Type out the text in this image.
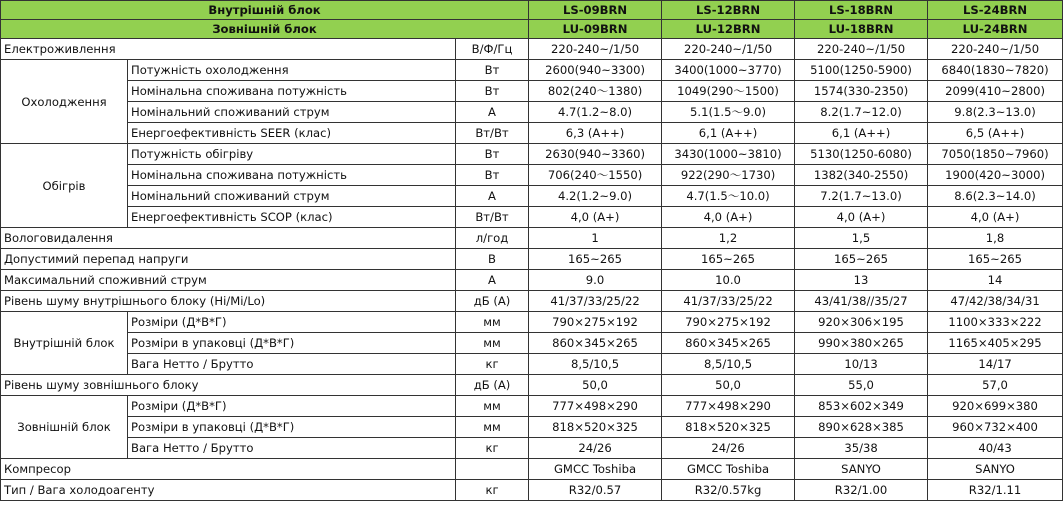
Внутрішній блок			LS-09BRN	LS-12BRN	LS-18BRN	LS-24BRN
Зовнішній блок			LU-09BRN	LU-12BRN	LU-18BRN	LU-24BRN
Електроживлення		В/Ф/Гц	220-240~/1/50	220-240~/1/50	220-240~/1/50	220-240~/1/50
Охолодження	Потужність охолодження	Вт	2600(940~3300)	3400(1000~3770)	5100(1250-5900)	6840(1830~7820)
	Номінальна споживана потужність	Вт	802(240～1380)	1049(290～1500)	1574(330-2350)	2099(410~2800)
	Номінальний споживаний струм	A	4.7(1.2~8.0)	5.1(1.5～9.0)	8.2(1.7~12.0)	9.8(2.3~13.0)
	Енергоефективність SEER (клас)	Вт/Вт	6,3 (A++)	6,1 (A++)	6,1 (A++)	6,5 (A++)
Обігрів	Потужність обігріву	Вт	2630(940~3360)	3430(1000~3810)	5130(1250-6080)	7050(1850~7960)
	Номінальна споживана потужність	Вт	706(240～1550)	922(290～1730)	1382(340-2550)	1900(420~3000)
	Номінальний споживаний струм	A	4.2(1.2~9.0)	4.7(1.5～10.0)	7.2(1.7~13.0)	8.6(2.3~14.0)
	Енергоефективність SCOP (клас)	Вт/Вт	4,0 (A+)	4,0 (A+)	4,0 (A+)	4,0 (A+)
Вологовидалення		л/год	1	1,2	1,5	1,8
Допустимий перепад напруги		B	165~265	165~265	165~265	165~265
Максимальний споживний струм		A	9.0	10.0	13	14
Рівень шуму внутрішнього блоку (Hi/Mi/Lo)		дБ (А)	41/37/33/25/22	41/37/33/25/22	43/41/38//35/27	47/42/38/34/31
Внутрішній блок	Розміри (Д*В*Г)	мм	790×275×192	790×275×192	920×306×195	1100×333×222
	Розміри в упаковці (Д*В*Г)	мм	860×345×265	860×345×265	990×380×265	1165×405×295
	Вага Нетто / Брутто	кг	8,5/10,5	8,5/10,5	10/13	14/17
Рівень шуму зовнішнього блоку		дБ (А)	50,0	50,0	55,0	57,0
Зовнішній блок	Розміри (Д*В*Г)	мм	777×498×290	777×498×290	853×602×349	920×699×380
	Розміри в упаковці (Д*В*Г)	мм	818×520×325	818×520×325	890×628×385	960×732×400
	Вага Нетто / Брутто	кг	24/26	24/26	35/38	40/43
Компресор			GMCC Toshiba	GMCC Toshiba	SANYO	SANYO
Тип / Вага холодоагенту		кг	R32/0.57	R32/0.57kg	R32/1.00	R32/1.11
